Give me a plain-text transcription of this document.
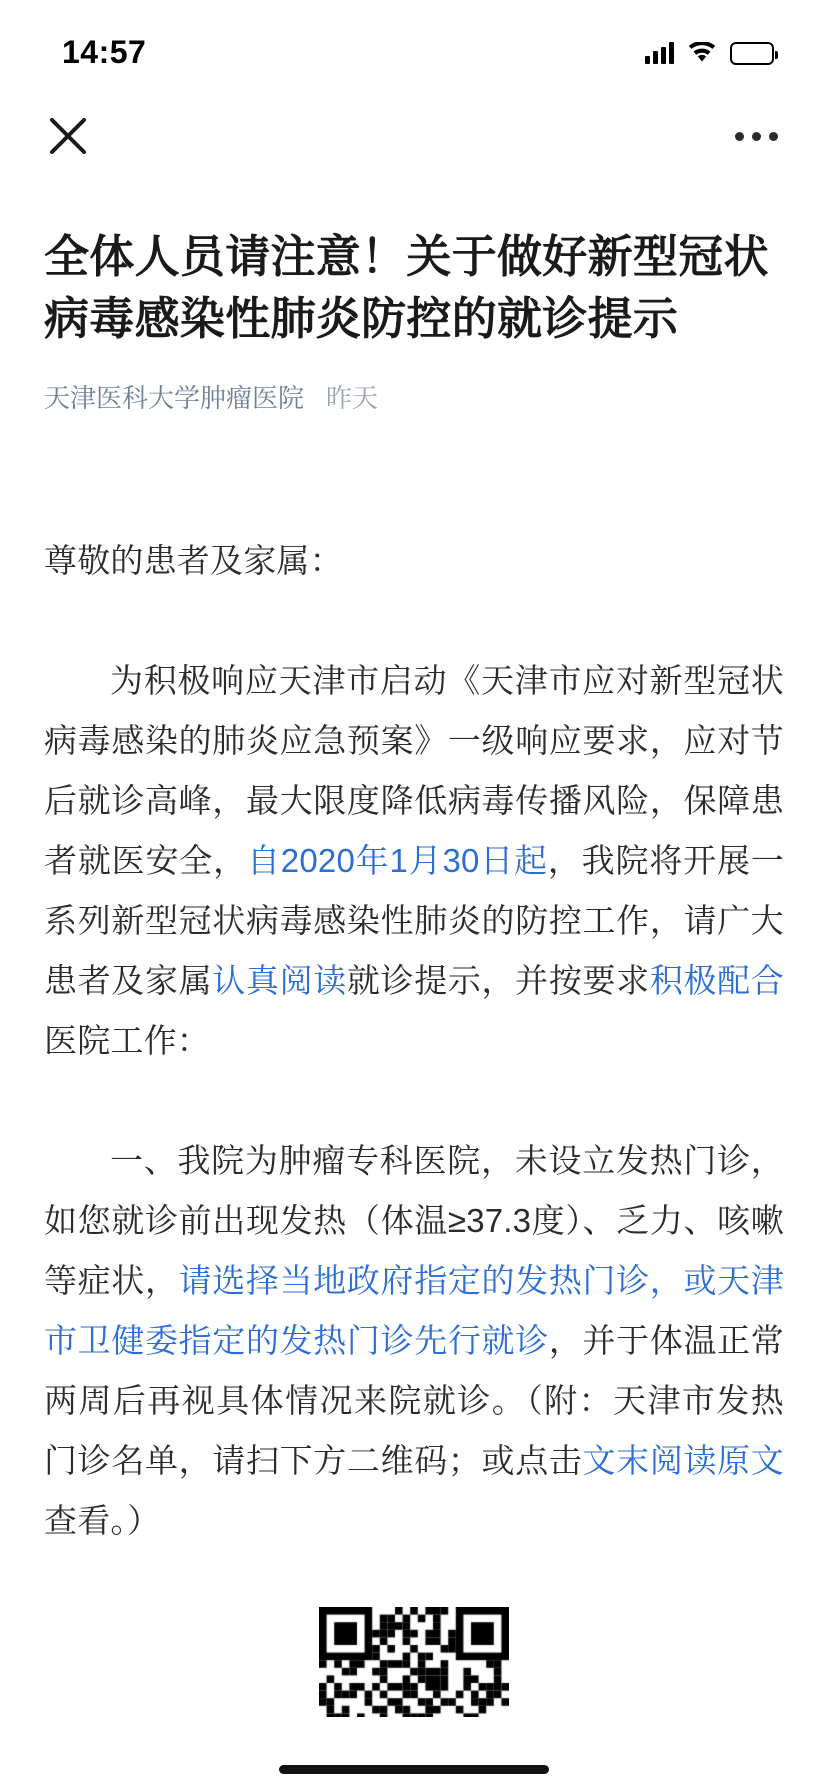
14:57
全体人员请注意！关于做好新型冠状病毒感染性肺炎防控的就诊提示
天津医科大学肿瘤医院 昨天

尊敬的患者及家属：

为积极响应天津市启动《天津市应对新型冠状病毒感染的肺炎应急预案》一级响应要求，应对节后就诊高峰，最大限度降低病毒传播风险，保障患者就医安全，自2020年1月30日起，我院将开展一系列新型冠状病毒感染性肺炎的防控工作，请广大患者及家属认真阅读就诊提示，并按要求积极配合医院工作：

一、我院为肿瘤专科医院，未设立发热门诊，如您就诊前出现发热（体温≥37.3度）、乏力、咳嗽等症状，请选择当地政府指定的发热门诊，或天津市卫健委指定的发热门诊先行就诊，并于体温正常两周后再视具体情况来院就诊。（附：天津市发热门诊名单，请扫下方二维码；或点击文末阅读原文查看。）
